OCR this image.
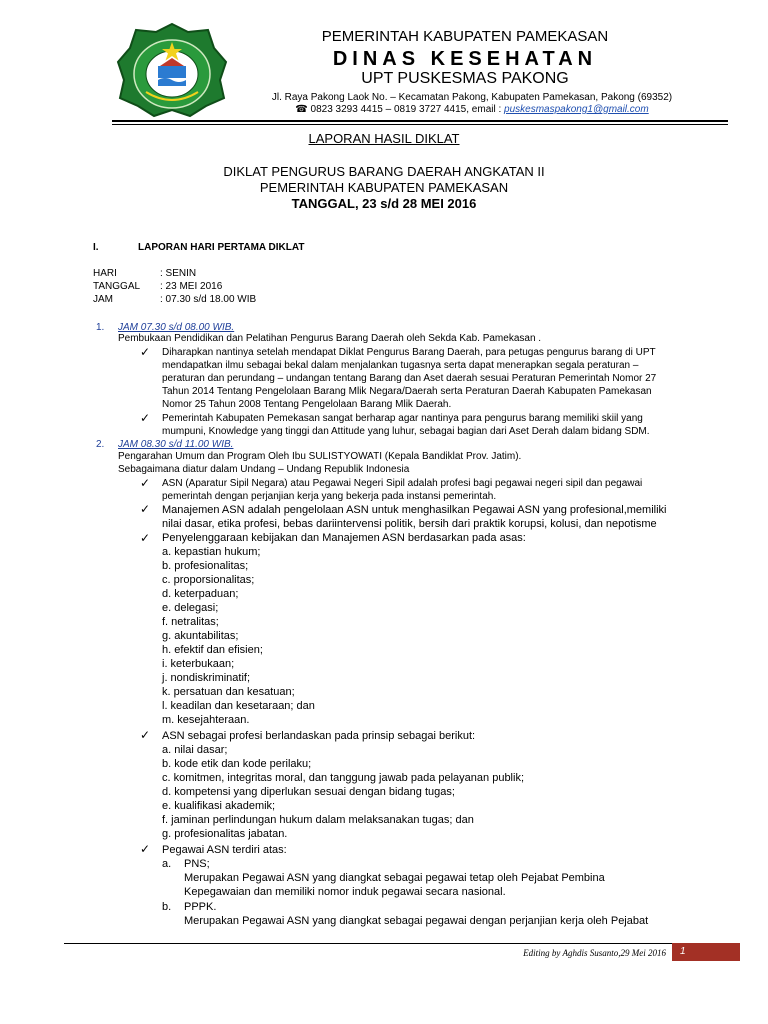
PEMERINTAH KABUPATEN PAMEKASAN
DINAS KESEHATAN
UPT PUSKESMAS PAKONG
Jl. Raya Pakong Laok No. – Kecamatan Pakong, Kabupaten Pamekasan, Pakong (69352)
☎ 0823 3293 4415 – 0819 3727 4415, email : puskesmaspakong1@gmail.com
LAPORAN HASIL DIKLAT
DIKLAT PENGURUS BARANG DAERAH ANGKATAN II
PEMERINTAH KABUPATEN PAMEKASAN
TANGGAL, 23 s/d 28 MEI 2016
I.	LAPORAN HARI PERTAMA DIKLAT
HARI	: SENIN
TANGGAL : 23 MEI 2016
JAM	: 07.30 s/d 18.00 WIB
1. JAM 07.30 s/d 08.00 WIB.
Pembukaan Pendidikan dan Pelatihan Pengurus Barang Daerah oleh Sekda Kab. Pamekasan .
✓ Diharapkan nantinya setelah mendapat Diklat Pengurus Barang Daerah, para petugas pengurus barang di UPT
mendapatkan ilmu sebagai bekal dalam menjalankan tugasnya serta dapat menerapkan segala peraturan –
peraturan dan perundang – undangan tentang Barang dan Aset daerah sesuai Peraturan Pemerintah Nomor 27
Tahun 2014 Tentang Pengelolaan Barang Mlik Negara/Daerah serta Peraturan Daerah Kabupaten Pamekasan
Nomor 25 Tahun 2008 Tentang Pengelolaan Barang Mlik Daerah.
✓ Pemerintah Kabupaten Pemekasan sangat berharap agar nantinya para pengurus barang memiliki skiil yang
mumpuni, Knowledge yang tinggi dan Attitude yang luhur, sebagai bagian dari Aset Derah dalam bidang SDM.
2. JAM 08.30 s/d 11.00 WIB.
Pengarahan Umum dan Program Oleh Ibu SULISTYOWATI (Kepala Bandiklat Prov. Jatim).
Sebagaimana diatur dalam Undang – Undang Republik Indonesia
✓ ASN (Aparatur Sipil Negara) atau Pegawai Negeri Sipil adalah profesi bagi pegawai negeri sipil dan pegawai
pemerintah dengan perjanjian kerja yang bekerja pada instansi pemerintah.
✓ Manajemen ASN adalah pengelolaan ASN untuk menghasilkan Pegawai ASN yang profesional,memiliki
nilai dasar, etika profesi, bebas dariintervensi politik, bersih dari praktik korupsi, kolusi, dan nepotisme
✓ Penyelenggaraan kebijakan dan Manajemen ASN berdasarkan pada asas:
a. kepastian hukum;
b. profesionalitas;
c. proporsionalitas;
d. keterpaduan;
e. delegasi;
f. netralitas;
g. akuntabilitas;
h. efektif dan efisien;
i. keterbukaan;
j. nondiskriminatif;
k. persatuan dan kesatuan;
l. keadilan dan kesetaraan; dan
m. kesejahteraan.
✓ ASN sebagai profesi berlandaskan pada prinsip sebagai berikut:
a. nilai dasar;
b. kode etik dan kode perilaku;
c. komitmen, integritas moral, dan tanggung jawab pada pelayanan publik;
d. kompetensi yang diperlukan sesuai dengan bidang tugas;
e. kualifikasi akademik;
f. jaminan perlindungan hukum dalam melaksanakan tugas; dan
g. profesionalitas jabatan.
✓ Pegawai ASN terdiri atas:
a. PNS;
Merupakan Pegawai ASN yang diangkat sebagai pegawai tetap oleh Pejabat Pembina
Kepegawaian dan memiliki nomor induk pegawai secara nasional.
b. PPPK.
Merupakan Pegawai ASN yang diangkat sebagai pegawai dengan perjanjian kerja oleh Pejabat
Editing by Aghdis Susanto,29 Mei 2016 1
